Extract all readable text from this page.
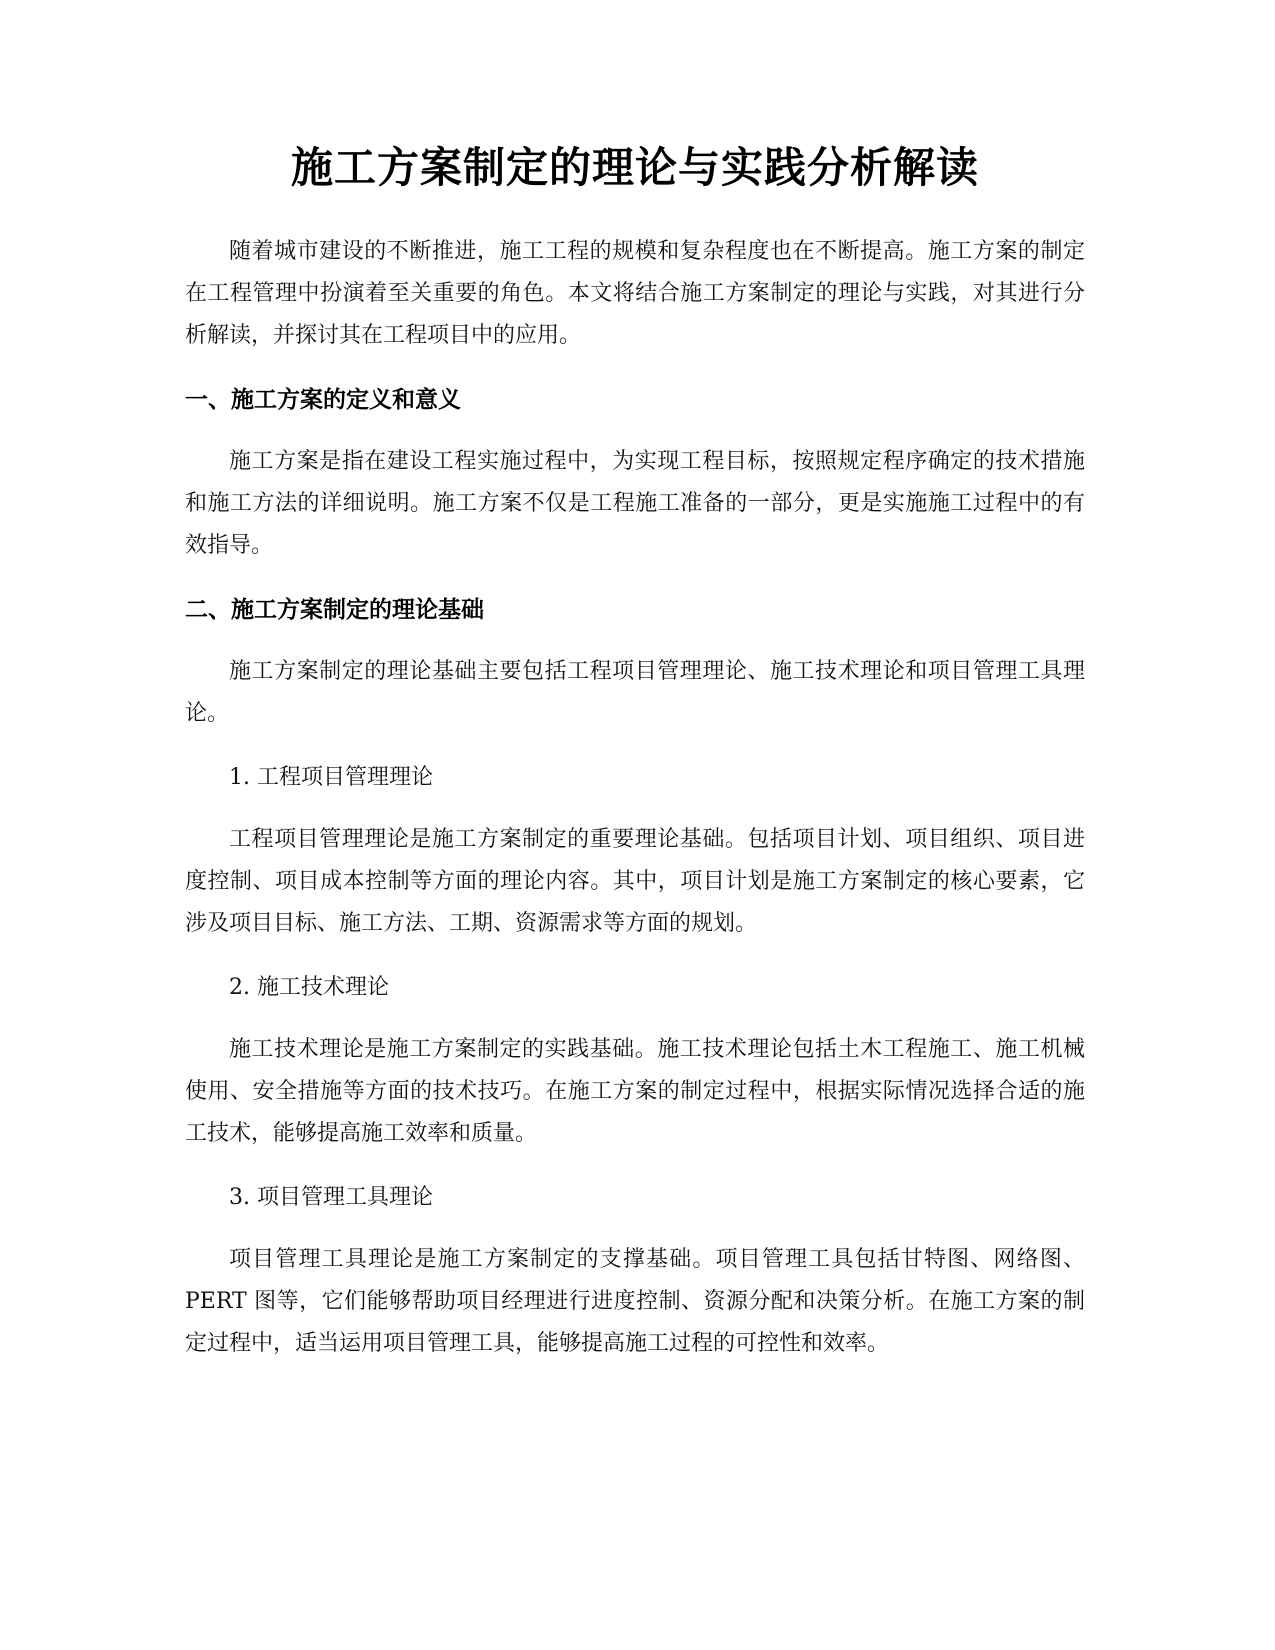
施工方案制定的理论与实践分析解读

随着城市建设的不断推进，施工工程的规模和复杂程度也在不断提高。施工方案的制定在工程管理中扮演着至关重要的角色。本文将结合施工方案制定的理论与实践，对其进行分析解读，并探讨其在工程项目中的应用。

一、施工方案的定义和意义

施工方案是指在建设工程实施过程中，为实现工程目标，按照规定程序确定的技术措施和施工方法的详细说明。施工方案不仅是工程施工准备的一部分，更是实施施工过程中的有效指导。

二、施工方案制定的理论基础

施工方案制定的理论基础主要包括工程项目管理理论、施工技术理论和项目管理工具理论。

1. 工程项目管理理论

工程项目管理理论是施工方案制定的重要理论基础。包括项目计划、项目组织、项目进度控制、项目成本控制等方面的理论内容。其中，项目计划是施工方案制定的核心要素，它涉及项目目标、施工方法、工期、资源需求等方面的规划。

2. 施工技术理论

施工技术理论是施工方案制定的实践基础。施工技术理论包括土木工程施工、施工机械使用、安全措施等方面的技术技巧。在施工方案的制定过程中，根据实际情况选择合适的施工技术，能够提高施工效率和质量。

3. 项目管理工具理论

项目管理工具理论是施工方案制定的支撑基础。项目管理工具包括甘特图、网络图、PERT 图等，它们能够帮助项目经理进行进度控制、资源分配和决策分析。在施工方案的制定过程中，适当运用项目管理工具，能够提高施工过程的可控性和效率。
